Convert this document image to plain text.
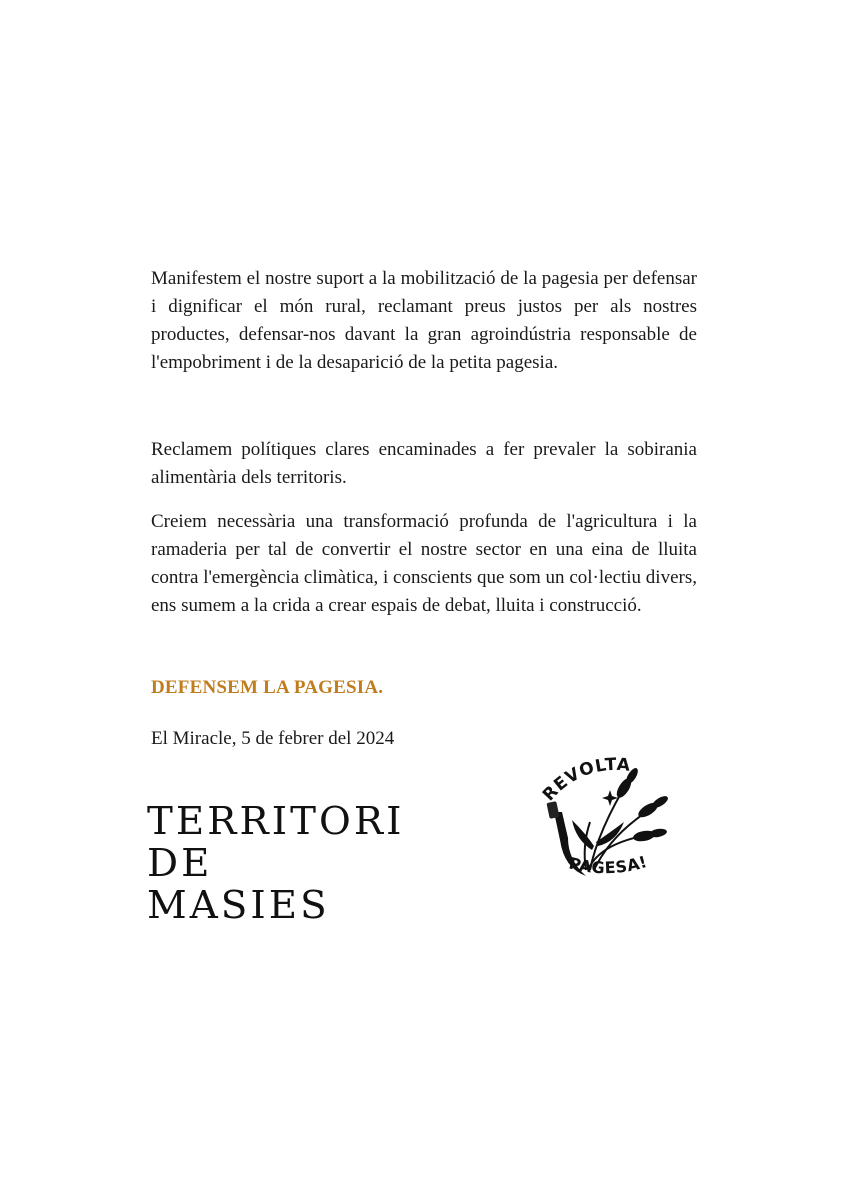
Manifestem el nostre suport a la mobilització de la pagesia per defensar i dignificar el món rural, reclamant preus justos per als nostres productes, defensar-nos davant la gran agroindústria responsable de l'empobriment i de la desaparició de la petita pagesia.

Reclamem polítiques clares encaminades a fer prevaler la sobirania alimentària dels territoris.

Creiem necessària una transformació profunda de l'agricultura i la ramaderia per tal de convertir el nostre sector en una eina de lluita contra l'emergència climàtica, i conscients que som un col·lectiu divers, ens sumem a la crida a crear espais de debat, lluita i construcció.

DEFENSEM LA PAGESIA.

El Miracle, 5 de febrer del 2024

TERRITORI
DE MASIES
REVOLTA
PAGESA!
